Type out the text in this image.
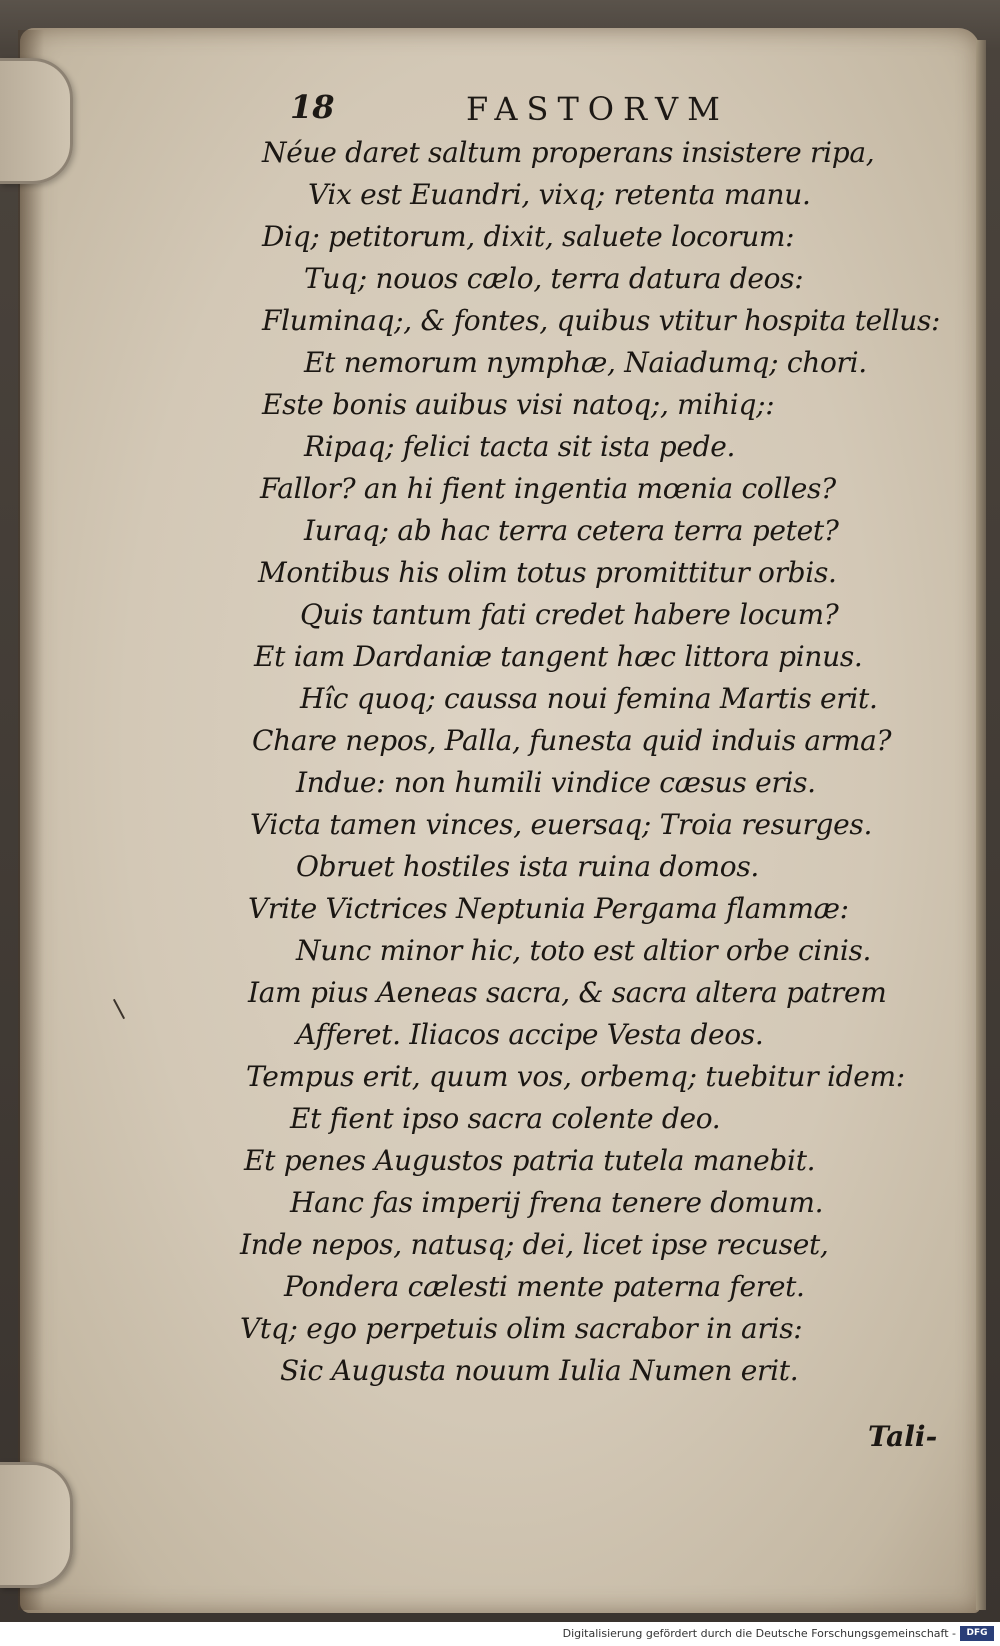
18	FASTORVM
Néue daret saltum properans insistere ripa,
Vix est Euandri, vixq; retenta manu.
Diq; petitorum, dixit, saluete locorum:
Tuq; nouos cælo, terra datura deos:
Fluminaq;, & fontes, quibus vtitur hospita tellus:
Et nemorum nymphæ, Naiadumq; chori.
Este bonis auibus visi natoq;, mihiq;:
Ripaq; felici tacta sit ista pede.
Fallor? an hi fient ingentia mœnia colles?
Iuraq; ab hac terra cetera terra petet?
Montibus his olim totus promittitur orbis.
Quis tantum fati credet habere locum?
Et iam Dardaniæ tangent hæc littora pinus.
Hîc quoq; caussa noui femina Martis erit.
Chare nepos, Palla, funesta quid induis arma?
Indue: non humili vindice cæsus eris.
Victa tamen vinces, euersaq; Troia resurges.
Obruet hostiles ista ruina domos.
Vrite Victrices Neptunia Pergama flammæ:
Nunc minor hic, toto est altior orbe cinis.
Iam pius Aeneas sacra, & sacra altera patrem
Afferet. Iliacos accipe Vesta deos.
Tempus erit, quum vos, orbemq; tuebitur idem:
Et fient ipso sacra colente deo.
Et penes Augustos patria tutela manebit.
Hanc fas imperij frena tenere domum.
Inde nepos, natusq; dei, licet ipse recuset,
Pondera cælesti mente paterna feret.
Vtq; ego perpetuis olim sacrabor in aris:
Sic Augusta nouum Iulia Numen erit.
Tali-
Digitalisierung gefördert durch die Deutsche Forschungsgemeinschaft -	DFG
